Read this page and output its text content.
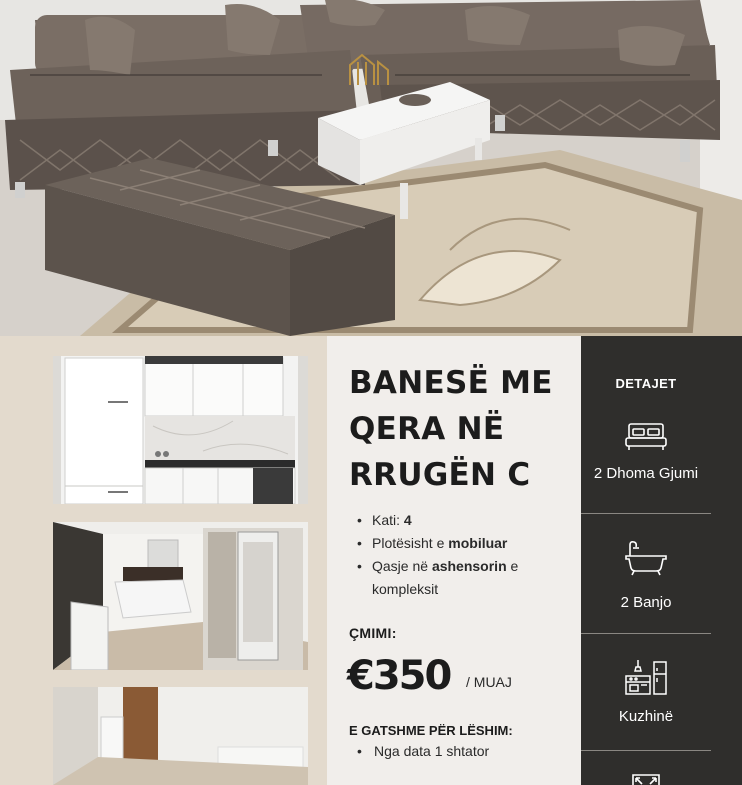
BANESË ME
QERA NË
RRUGËN C
• Kati: 4
• Plotësisht e mobiluar
• Qasje në ashensorin e kompleksit
ÇMIMI:
€350 / MUAJ
E GATSHME PËR LËSHIM:
• Nga data 1 shtator
DETAJET
2 Dhoma Gjumi
2 Banjo
Kuzhinë
